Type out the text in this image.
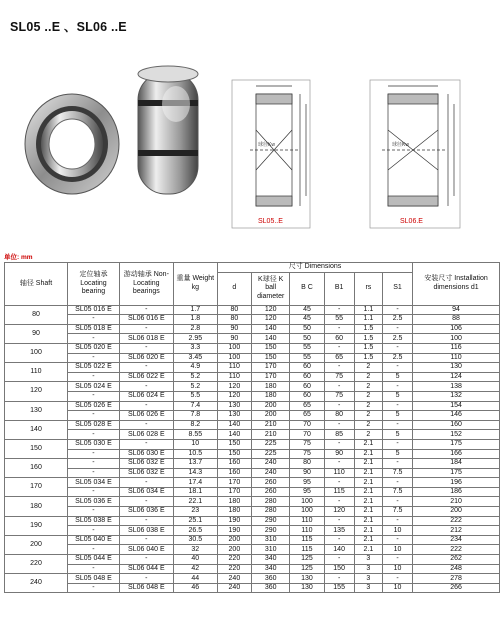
SL05 ..E 、SL06 ..E
球径Kw	球径Kw
SL05..E	SL06.E
单位: mm
轴径 Shaft	定位轴承 Locating bearing	游动轴承 Non-Locating bearings	重量 Weight kg	尺寸 Dimensions						安装尺寸 Installation dimensions d1
				d	K球径 K ball diameter	B C	B1	rs	S1	
80	SL05 016 E	-	1.7	80	120	45	-	1.1	-	94
	-	SL06 016 E	1.8	80	120	45	55	1.1	2.5	88
90	SL05 018 E	-	2.8	90	140	50	-	1.5	-	106
	-	SL06 018 E	2.95	90	140	50	60	1.5	2.5	100
100	SL05 020 E	-	3.3	100	150	55	-	1.5	-	116
	-	SL06 020 E	3.45	100	150	55	65	1.5	2.5	110
110	SL05 022 E	-	4.9	110	170	60	-	2	-	130
	-	SL06 022 E	5.2	110	170	60	75	2	5	124
120	SL05 024 E	-	5.2	120	180	60	-	2	-	138
	-	SL06 024 E	5.5	120	180	60	75	2	5	132
130	SL05 026 E	-	7.4	130	200	65	-	2	-	154
	-	SL06 026 E	7.8	130	200	65	80	2	5	146
140	SL05 028 E	-	8.2	140	210	70	-	2	-	160
	-	SL06 028 E	8.55	140	210	70	85	2	5	152
150	SL05 030 E	-	10	150	225	75	-	2.1	-	175
	-	SL06 030 E	10.5	150	225	75	90	2.1	5	166
160	-	SL06 032 E	13.7	160	240	80	-	2.1	-	184
	-	SL06 032 E	14.3	160	240	90	110	2.1	7.5	175
170	SL05 034 E	-	17.4	170	260	95	-	2.1	-	196
	-	SL06 034 E	18.1	170	260	95	115	2.1	7.5	186
180	SL05 036 E	-	22.1	180	280	100	-	2.1	-	210
	-	SL06 036 E	23	180	280	100	120	2.1	7.5	200
190	SL05 038 E	-	25.1	190	290	110	-	2.1	-	222
	-	SL06 038 E	26.5	190	290	110	135	2.1	10	212
200	SL05 040 E	-	30.5	200	310	115	-	2.1	-	234
	-	SL06 040 E	32	200	310	115	140	2.1	10	222
220	SL05 044 E	-	40	220	340	125	-	3	-	262
	-	SL06 044 E	42	220	340	125	150	3	10	248
240	SL05 048 E	-	44	240	360	130	-	3	-	278
	-	SL06 048 E	46	240	360	130	155	3	10	266
